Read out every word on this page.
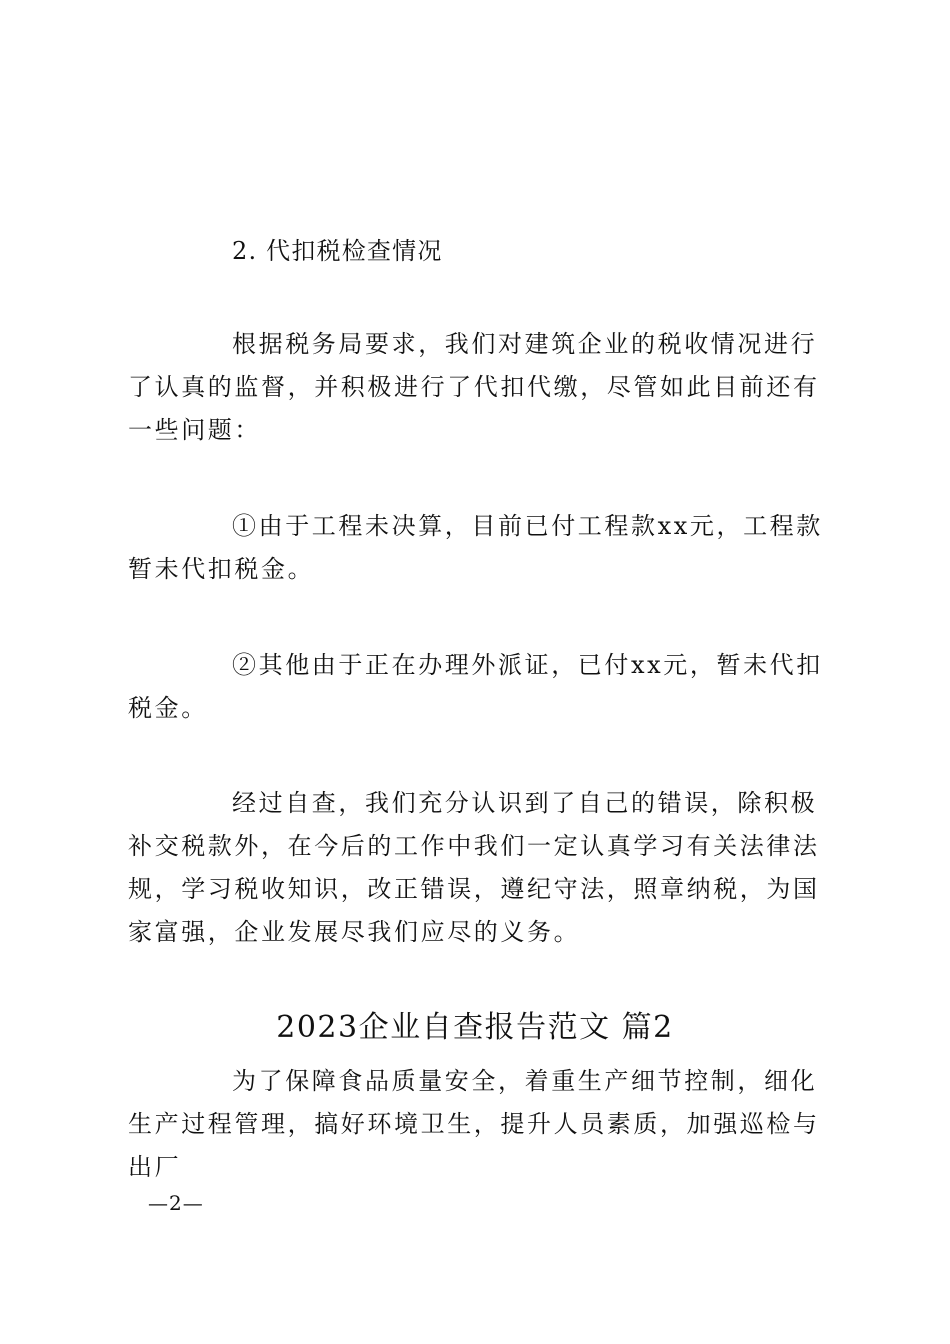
2. 代扣税检查情况

根据税务局要求，我们对建筑企业的税收情况进行了认真的监督，并积极进行了代扣代缴，尽管如此目前还有一些问题：

①由于工程未决算，目前已付工程款xx元，工程款暂未代扣税金。

②其他由于正在办理外派证，已付xx元，暂未代扣税金。

经过自查，我们充分认识到了自己的错误，除积极补交税款外，在今后的工作中我们一定认真学习有关法律法规，学习税收知识，改正错误，遵纪守法，照章纳税，为国家富强，企业发展尽我们应尽的义务。

2023企业自查报告范文 篇2

为了保障食品质量安全，着重生产细节控制，细化生产过程管理，搞好环境卫生，提升人员素质，加强巡检与出厂

—2—
